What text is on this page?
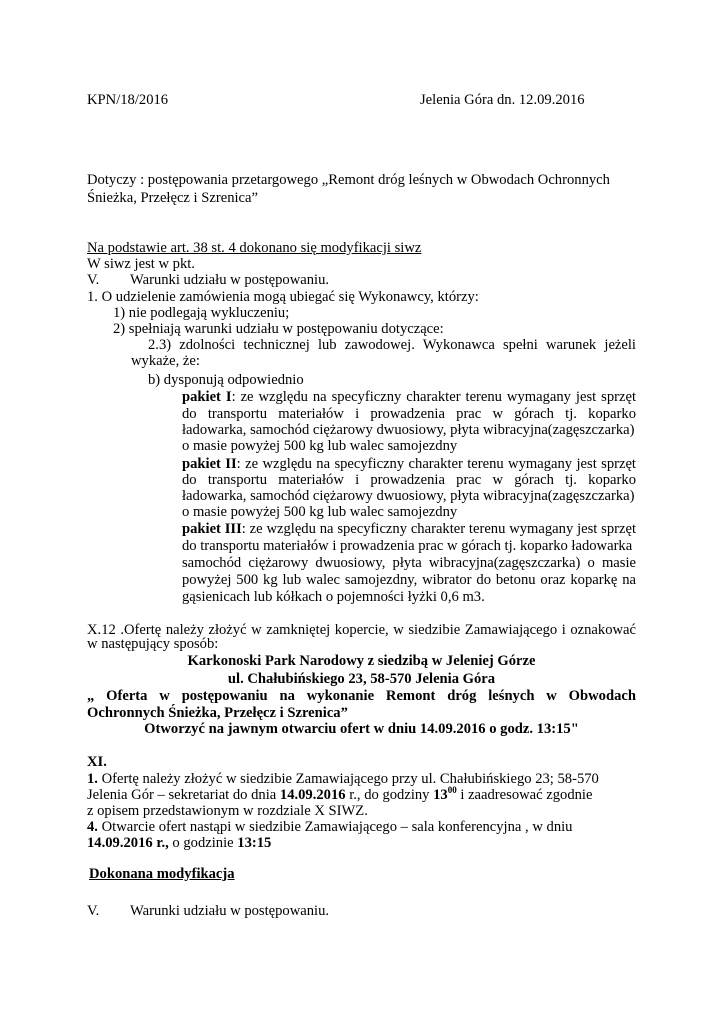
KPN/18/2016	Jelenia Góra dn. 12.09.2016
Dotyczy : postępowania przetargowego „Remont dróg leśnych w Obwodach Ochronnych
Śnieżka, Przełęcz i Szrenica”
Na podstawie art. 38 st. 4 dokonano się modyfikacji siwz
W siwz jest w pkt.
V. Warunki udziału w postępowaniu.
1. O udzielenie zamówienia mogą ubiegać się Wykonawcy, którzy:
1) nie podlegają wykluczeniu;
2) spełniają warunki udziału w postępowaniu dotyczące:
2.3) zdolności technicznej lub zawodowej. Wykonawca spełni warunek jeżeli
wykaże, że:
b) dysponują odpowiednio
pakiet I: ze względu na specyficzny charakter terenu wymagany jest sprzęt
do transportu materiałów i prowadzenia prac w górach tj. koparko
ładowarka, samochód ciężarowy dwuosiowy, płyta wibracyjna(zagęszczarka)
o masie powyżej 500 kg lub walec samojezdny
pakiet II: ze względu na specyficzny charakter terenu wymagany jest sprzęt
do transportu materiałów i prowadzenia prac w górach tj. koparko
ładowarka, samochód ciężarowy dwuosiowy, płyta wibracyjna(zagęszczarka)
o masie powyżej 500 kg lub walec samojezdny
pakiet III: ze względu na specyficzny charakter terenu wymagany jest sprzęt
do transportu materiałów i prowadzenia prac w górach tj. koparko ładowarka
samochód ciężarowy dwuosiowy, płyta wibracyjna(zagęszczarka) o masie
powyżej 500 kg lub walec samojezdny, wibrator do betonu oraz koparkę na
gąsienicach lub kółkach o pojemności łyżki 0,6 m3.
X.12 .Ofertę należy złożyć w zamkniętej kopercie, w siedzibie Zamawiającego i oznakować
w następujący sposób:
Karkonoski Park Narodowy z siedzibą w Jeleniej Górze
ul. Chałubińskiego 23, 58-570 Jelenia Góra
„ Oferta w postępowaniu na wykonanie Remont dróg leśnych w Obwodach
Ochronnych Śnieżka, Przełęcz i Szrenica”
Otworzyć na jawnym otwarciu ofert w dniu 14.09.2016 o godz. 13:15"
XI.
1. Ofertę należy złożyć w siedzibie Zamawiającego przy ul. Chałubińskiego 23; 58-570
Jelenia Gór – sekretariat do dnia 14.09.2016 r., do godziny $13^{00}$ i zaadresować zgodnie
z opisem przedstawionym w rozdziale X SIWZ.
4. Otwarcie ofert nastąpi w siedzibie Zamawiającego – sala konferencyjna , w dniu
14.09.2016 r., o godzinie 13:15
Dokonana modyfikacja
V. Warunki udziału w postępowaniu.
